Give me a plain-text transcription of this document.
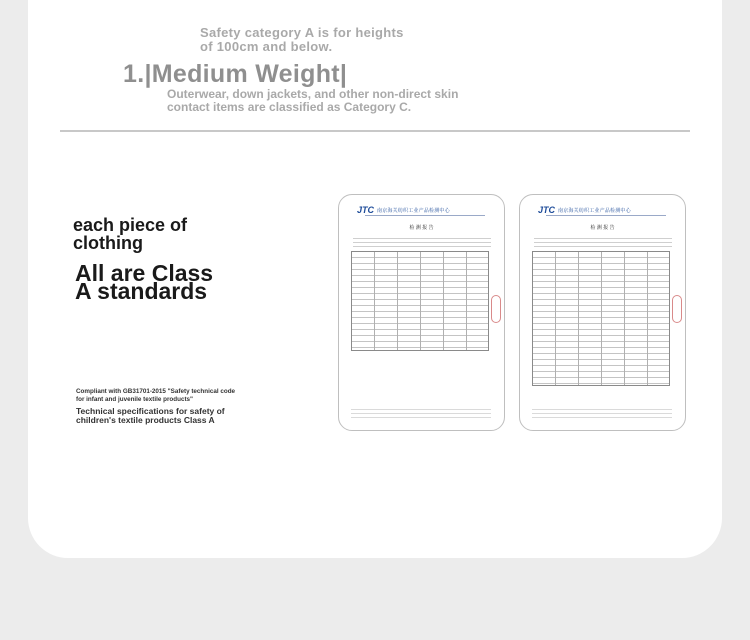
Safety category A is for heights
of 100cm and below.

1.|Medium Weight|

Outerwear, down jackets, and other non-direct skin
contact items are classified as Category C.

each piece of
clothing

All are Class
A standards

Compliant with GB31701-2015 "Safety technical code
for infant and juvenile textile products"

Technical specifications for safety of
children's textile products Class A

JTC 南京海关纺织工业产品检测中心
检 测 报 告
JTC 南京海关纺织工业产品检测中心
检 测 报 告
